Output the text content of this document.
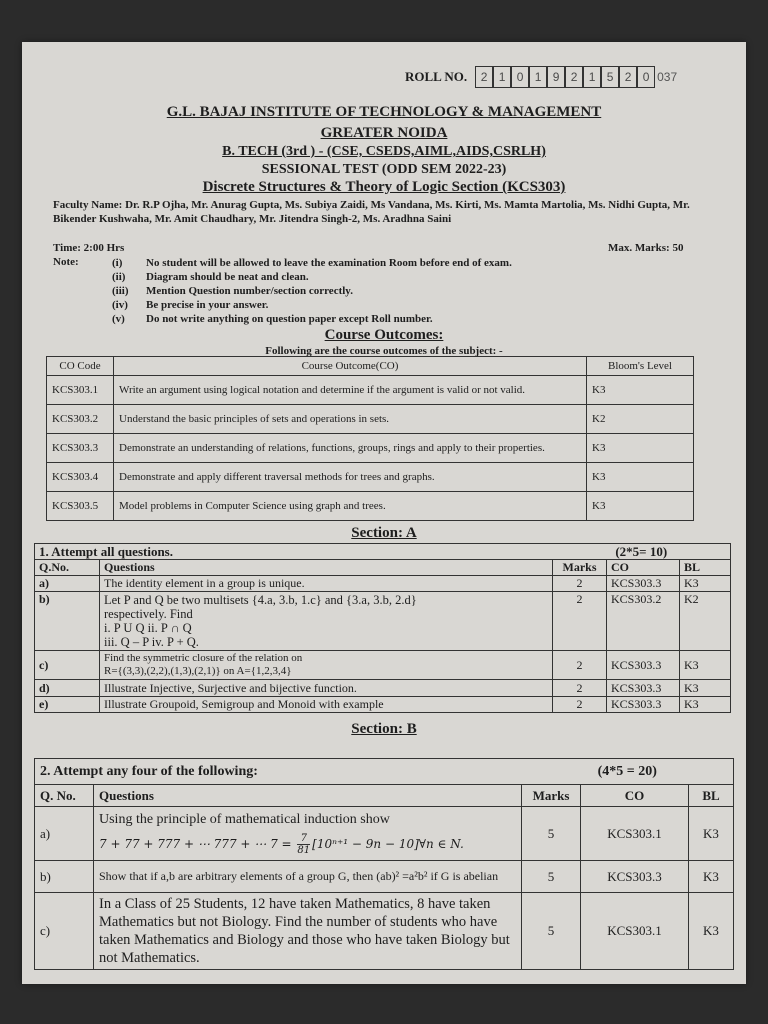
ROLL NO.	2 1 0 1 9 2 1 5 2 0 037
G.L. BAJAJ INSTITUTE OF TECHNOLOGY & MANAGEMENT
GREATER NOIDA
B. TECH (3rd ) - (CSE, CSEDS,AIML,AIDS,CSRLH)
SESSIONAL TEST (ODD SEM 2022-23)
Discrete Structures & Theory of Logic Section (KCS303)
Faculty Name: Dr. R.P Ojha, Mr. Anurag Gupta, Ms. Subiya Zaidi, Ms Vandana, Ms. Kirti, Ms. Mamta Martolia, Ms. Nidhi Gupta, Mr. Bikender Kushwaha, Mr. Amit Chaudhary, Mr. Jitendra Singh-2, Ms. Aradhna Saini
Time: 2:00 Hrs	Max. Marks: 50
Note:	(i) No student will be allowed to leave the examination Room before end of exam.
(ii) Diagram should be neat and clean.
(iii) Mention Question number/section correctly.
(iv) Be precise in your answer.
(v) Do not write anything on question paper except Roll number.
Course Outcomes:
Following are the course outcomes of the subject: -
CO Code	Course Outcome(CO)	Bloom's Level
KCS303.1	Write an argument using logical notation and determine if the argument is valid or not valid.	K3
KCS303.2	Understand the basic principles of sets and operations in sets.	K2
KCS303.3	Demonstrate an understanding of relations, functions, groups, rings and apply to their properties.	K3
KCS303.4	Demonstrate and apply different traversal methods for trees and graphs.	K3
KCS303.5	Model problems in Computer Science using graph and trees.	K3
Section: A
1. Attempt all questions.		(2*5= 10)		
Q.No.	Questions	Marks	CO	BL
a)	The identity element in a group is unique.	2	KCS303.3	K3
b)	Let P and Q be two multisets {4.a, 3.b, 1.c} and {3.a, 3.b, 2.d}
respectively. Find
i. P U Q ii. P ∩ Q
iii. Q – P iv. P + Q.	2	KCS303.2	K2
c)	Find the symmetric closure of the relation on
R={(3,3),(2,2),(1,3),(2,1)} on A={1,2,3,4}	2	KCS303.3	K3
d)	Illustrate Injective, Surjective and bijective function.	2	KCS303.3	K3
e)	Illustrate Groupoid, Semigroup and Monoid with example	2	KCS303.3	K3
Section: B
2. Attempt any four of the following:		(4*5 = 20)		
Q. No.	Questions	Marks	CO	BL
a)	Using the principle of mathematical induction show
7 + 77 + 777 + ⋯ 777 + ⋯ $7 = \frac{7}{81} [10^{n+1} - 9n$ − 10]∀n ∈ N.	5	KCS303.1	K3
b)	Show that if a,b are arbitrary elements of a group G, then (ab)² =a²b² if G is abelian	5	KCS303.3	K3
c)	In a Class of 25 Students, 12 have taken Mathematics, 8 have taken Mathematics but not Biology. Find the number of students who have taken Mathematics and Biology and those who have taken Biology but not Mathematics.	5	KCS303.1	K3
